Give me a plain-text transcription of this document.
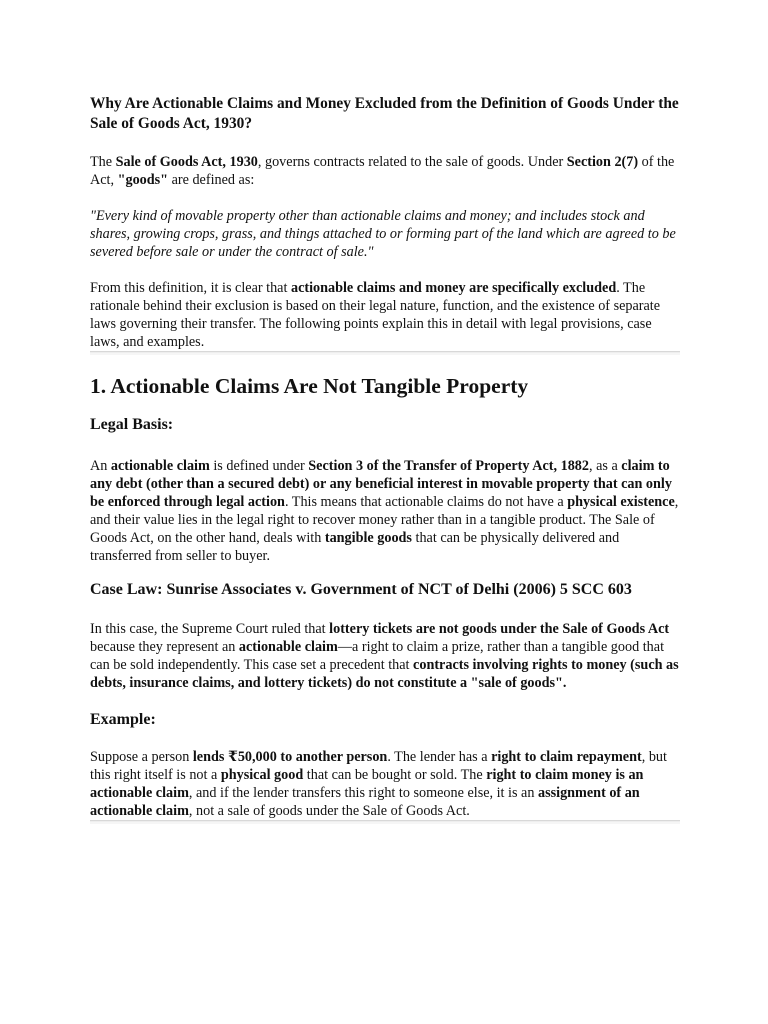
Why Are Actionable Claims and Money Excluded from the Definition of Goods Under the Sale of Goods Act, 1930?

The Sale of Goods Act, 1930, governs contracts related to the sale of goods. Under Section 2(7) of the Act, "goods" are defined as:

"Every kind of movable property other than actionable claims and money; and includes stock and shares, growing crops, grass, and things attached to or forming part of the land which are agreed to be severed before sale or under the contract of sale."

From this definition, it is clear that actionable claims and money are specifically excluded. The rationale behind their exclusion is based on their legal nature, function, and the existence of separate laws governing their transfer. The following points explain this in detail with legal provisions, case laws, and examples.

1. Actionable Claims Are Not Tangible Property
Legal Basis:

An actionable claim is defined under Section 3 of the Transfer of Property Act, 1882, as a claim to any debt (other than a secured debt) or any beneficial interest in movable property that can only be enforced through legal action. This means that actionable claims do not have a physical existence, and their value lies in the legal right to recover money rather than in a tangible product. The Sale of Goods Act, on the other hand, deals with tangible goods that can be physically delivered and transferred from seller to buyer.

Case Law: Sunrise Associates v. Government of NCT of Delhi (2006) 5 SCC 603

In this case, the Supreme Court ruled that lottery tickets are not goods under the Sale of Goods Act because they represent an actionable claim—a right to claim a prize, rather than a tangible good that can be sold independently. This case set a precedent that contracts involving rights to money (such as debts, insurance claims, and lottery tickets) do not constitute a "sale of goods".

Example:

Suppose a person lends ₹50,000 to another person. The lender has a right to claim repayment, but this right itself is not a physical good that can be bought or sold. The right to claim money is an actionable claim, and if the lender transfers this right to someone else, it is an assignment of an actionable claim, not a sale of goods under the Sale of Goods Act.
